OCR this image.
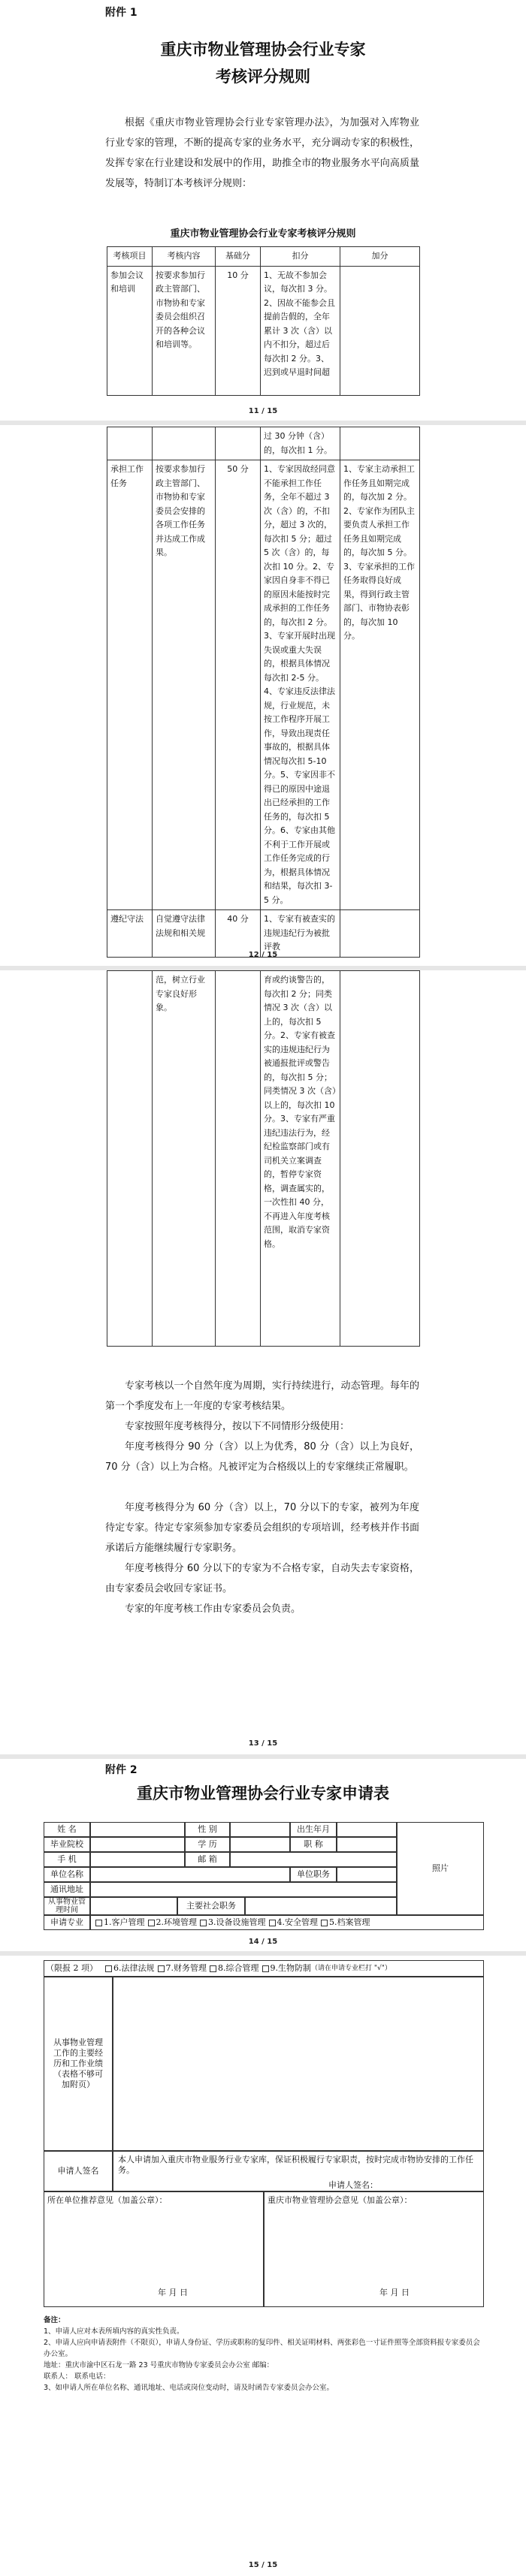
附件 1
重庆市物业管理协会行业专家
考核评分规则
根据《重庆市物业管理协会行业专家管理办法》，为加强对入库物业行业专家的管理，不断的提高专家的业务水平，充分调动专家的积极性，发挥专家在行业建设和发展中的作用，助推全市的物业服务水平向高质量发展等，特制订本考核评分规则：
重庆市物业管理协会行业专家考核评分规则
考核项目	考核内容	基础分	扣分	加分
参加会议和培训	按要求参加行政主管部门、市物协和专家委员会组织召开的各种会议和培训等。	10 分	1、无故不参加会议，每次扣 3 分。2、因故不能参会且提前告假的，全年累计 3 次（含）以内不扣分，超过后每次扣 2 分。3、迟到或早退时间超	
11 / 15
			过 30 分钟（含）的，每次扣 1 分。	
承担工作任务	按要求参加行政主管部门、市物协和专家委员会安排的各项工作任务并达成工作成果。	50 分	1、专家因故经同意不能承担工作任务，全年不超过 3 次（含）的，不扣分，超过 3 次的，每次扣 5 分；超过 5 次（含）的，每次扣 10 分。2、专家因自身非不得已的原因未能按时完成承担的工作任务的，每次扣 2 分。3、专家开展时出现失误或重大失误的，根据具体情况每次扣 2-5 分。4、专家违反法律法规，行业规范，未按工作程序开展工作，导致出现责任事故的，根据具体情况每次扣 5-10 分。5、专家因非不得已的原因中途退出已经承担的工作任务的，每次扣 5 分。6、专家由其他不利于工作开展或工作任务完成的行为，根据具体情况和结果，每次扣 3-5 分。	1、专家主动承担工作任务且如期完成的，每次加 2 分。2、专家作为团队主要负责人承担工作任务且如期完成的，每次加 5 分。3、专家承担的工作任务取得良好成果，得到行政主管部门、市物协表彰的，每次加 10 分。
遵纪守法	自觉遵守法律法规和相关规	40 分	1、专家有被查实的违规违纪行为被批评教	
12 / 15
	范，树立行业专家良好形象。		育或约谈警告的，每次扣 2 分；同类情况 3 次（含）以上的，每次扣 5 分。2、专家有被查实的违规违纪行为被通报批评或警告的，每次扣 5 分；同类情况 3 次（含）以上的，每次扣 10 分。3、专家有严重违纪违法行为，经纪检监察部门或有司机关立案调查的，暂停专家资格，调查属实的，一次性扣 40 分，不再进入年度考核范围，取消专家资格。	
专家考核以一个自然年度为周期，实行持续进行，动态管理。每年的第一个季度发布上一年度的专家考核结果。
专家按照年度考核得分，按以下不同情形分级使用：
年度考核得分 90 分（含）以上为优秀，80 分（含）以上为良好，70 分（含）以上为合格。凡被评定为合格级以上的专家继续正常履职。
年度考核得分为 60 分（含）以上，70 分以下的专家，被列为年度待定专家。待定专家须参加专家委员会组织的专项培训，经考核并作书面承诺后方能继续履行专家职务。
年度考核得分 60 分以下的专家为不合格专家，自动失去专家资格，由专家委员会收回专家证书。
专家的年度考核工作由专家委员会负责。
13 / 15
附件 2
重庆市物业管理协会行业专家申请表
姓 名	性 别	出生年月
照片
毕业院校	学 历	职 称
手 机	邮 箱
单位名称	单位职务
通讯地址
从事物业管理时间	主要社会职务
申请专业	1.客户管理 2.环境管理 3.设备设施管理 4.安全管理 5.档案管理
14 / 15
（限报 2 项） 6.法律法规 7.财务管理 8.综合管理 9.生物防制 （请在申请专业栏打 "√"）
从事物业管理工作的主要经历和工作业绩（表格不够可加附页）
申请人签名
本人申请加入重庆市物业服务行业专家库，保证积极履行专家职责，按时完成市物协安排的工作任务。
申请人签名：
所在单位推荐意见（加盖公章）：	重庆市物业管理协会意见（加盖公章）：
年 月 日	年 月 日
备注：
1、申请人应对本表所填内容的真实性负责。
2、申请人应向申请表附件（不限页），申请人身份证、学历或职称的复印件、相关证明材料、两张彩色一寸证件照等全部资料报专家委员会办公室。
地址：重庆市渝中区石龙一路 23 号重庆市物协专家委员会办公室 邮编：
联系人： 联系电话：
3、如申请人所在单位名称、通讯地址、电话或岗位变动时，请及时函告专家委员会办公室。
15 / 15
